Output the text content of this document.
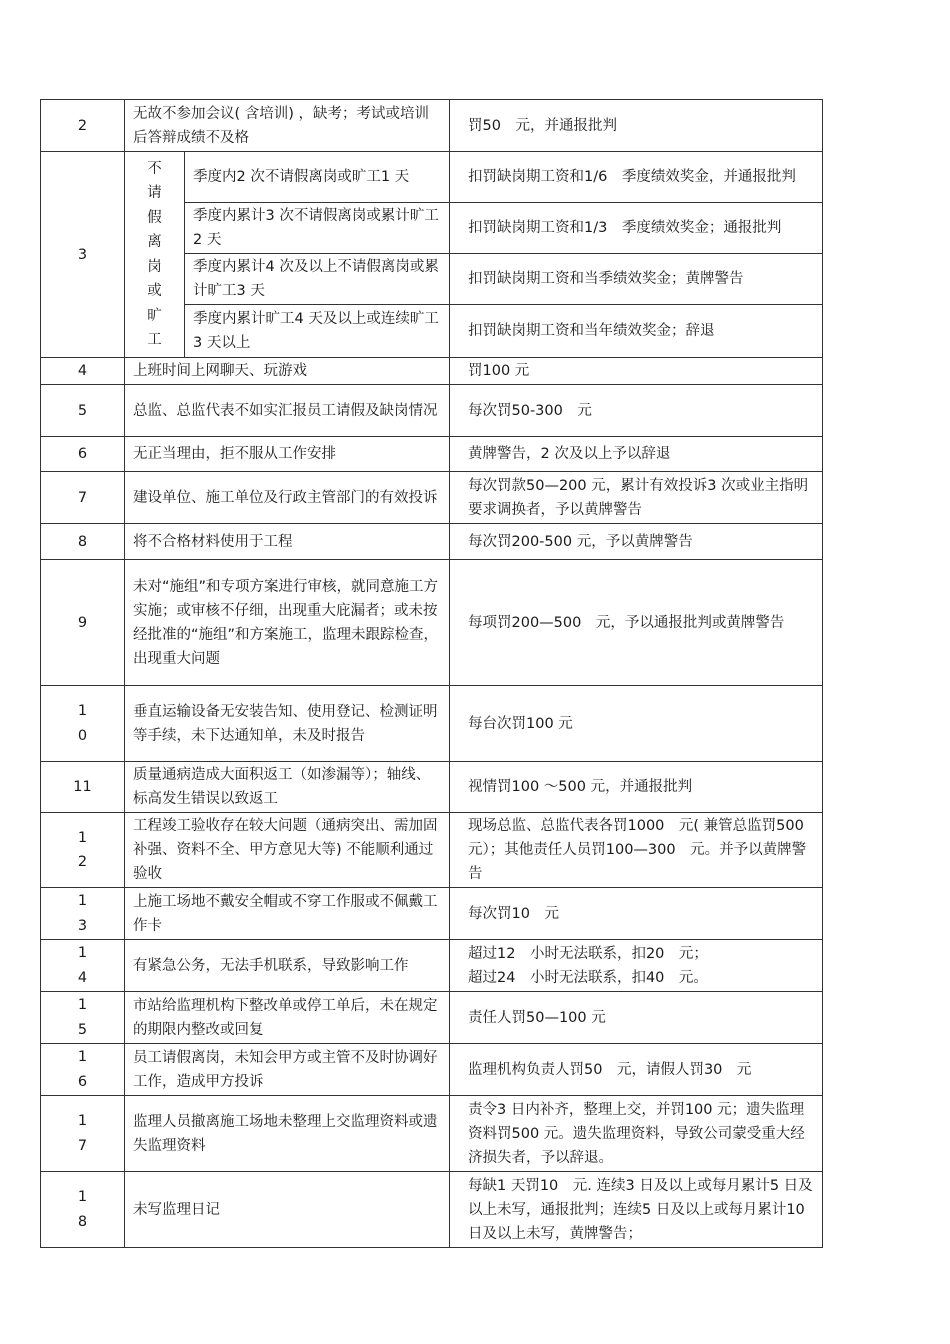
2	无故不参加会议( 含培训) ，缺考；考试或培训后答辩成绩不及格		罚50　元，并通报批判
3	不请假离岗或旷工	季度内2 次不请假离岗或旷工1 天	扣罚缺岗期工资和1/6　季度绩效奖金，并通报批判
		季度内累计3 次不请假离岗或累计旷工2 天	扣罚缺岗期工资和1/3　季度绩效奖金；通报批判
		季度内累计4 次及以上不请假离岗或累计旷工3 天	扣罚缺岗期工资和当季绩效奖金；黄牌警告
		季度内累计旷工4 天及以上或连续旷工3 天以上	扣罚缺岗期工资和当年绩效奖金；辞退
4	上班时间上网聊天、玩游戏		罚100 元
5	总监、总监代表不如实汇报员工请假及缺岗情况		每次罚50-300　元
6	无正当理由，拒不服从工作安排		黄牌警告，2 次及以上予以辞退
7	建设单位、施工单位及行政主管部门的有效投诉		每次罚款50—200 元，累计有效投诉3 次或业主指明要求调换者，予以黄牌警告
8	将不合格材料使用于工程		每次罚200-500 元，予以黄牌警告
9	未对“施组”和专项方案进行审核，就同意施工方实施；或审核不仔细，出现重大庇漏者；或未按经批准的“施组”和方案施工，监理未跟踪检查，出现重大问题		每项罚200—500　元，予以通报批判或黄牌警告
10	垂直运输设备无安装告知、使用登记、检测证明等手续，未下达通知单，未及时报告		每台次罚100 元
11	质量通病造成大面积返工（如渗漏等）；轴线、标高发生错误以致返工		视情罚100 ～500 元，并通报批判
12	工程竣工验收存在较大问题（通病突出、需加固补强、资料不全、甲方意见大等) 不能顺利通过验收		现场总监、总监代表各罚1000　元( 兼管总监罚500 元）；其他责任人员罚100—300　元。并予以黄牌警告
13	上施工场地不戴安全帽或不穿工作服或不佩戴工作卡		每次罚10　元
14	有紧急公务，无法手机联系，导致影响工作		超过12　小时无法联系，扣20　元；
超过24　小时无法联系，扣40　元。

15	市站给监理机构下整改单或停工单后，未在规定的期限内整改或回复		责任人罚50—100 元
16	员工请假离岗，未知会甲方或主管不及时协调好工作，造成甲方投诉		监理机构负责人罚50　元，请假人罚30　元
17	监理人员撤离施工场地未整理上交监理资料或遗失监理资料		责令3 日内补齐，整理上交，并罚100 元；遗失监理资料罚500 元。遗失监理资料，导致公司蒙受重大经济损失者，予以辞退。
18	未写监理日记		每缺1 天罚10　元. 连续3 日及以上或每月累计5 日及以上未写，通报批判；连续5 日及以上或每月累计10　日及以上未写，黄牌警告；
